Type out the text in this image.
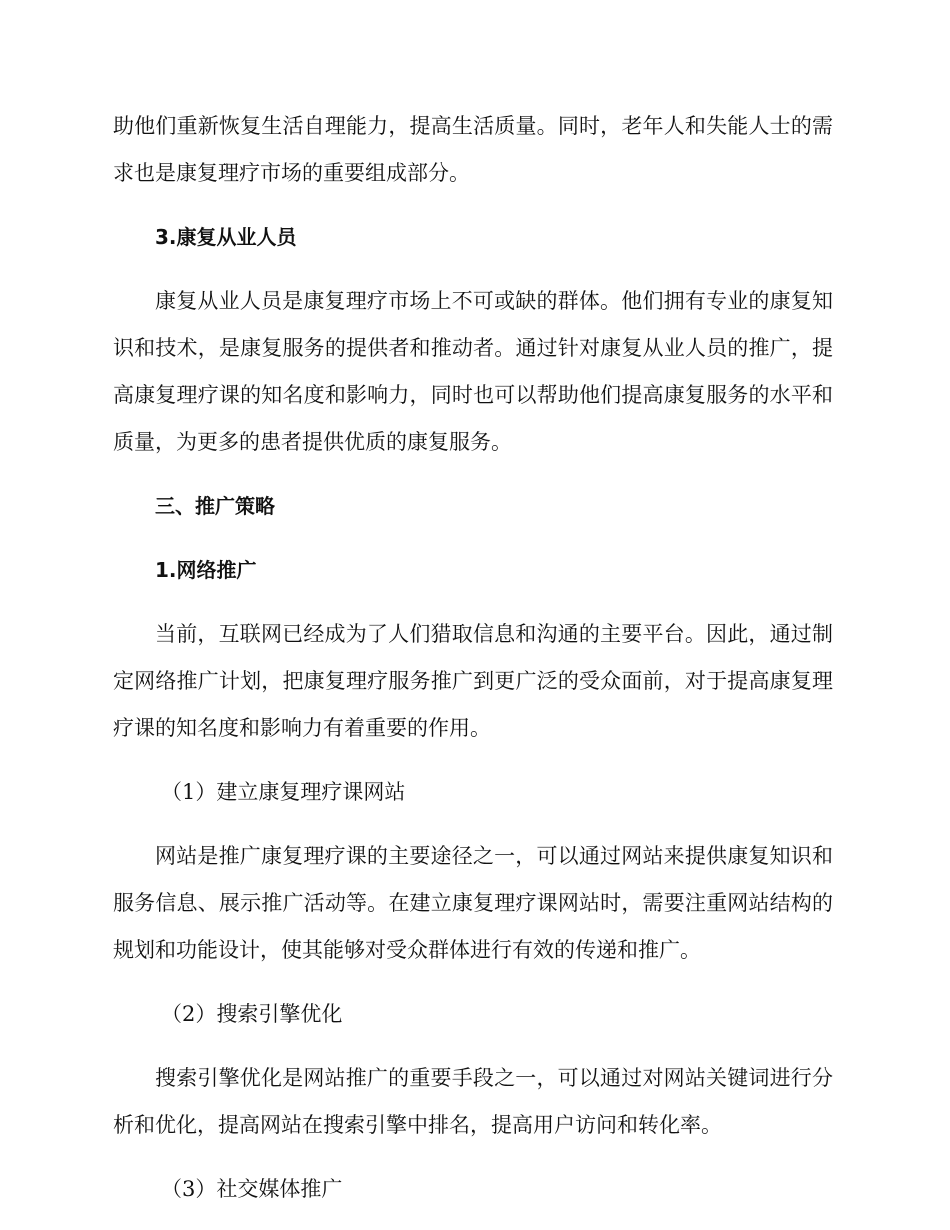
助他们重新恢复生活自理能力，提高生活质量。同时，老年人和失能人士的需求也是康复理疗市场的重要组成部分。

3.康复从业人员

康复从业人员是康复理疗市场上不可或缺的群体。他们拥有专业的康复知识和技术，是康复服务的提供者和推动者。通过针对康复从业人员的推广，提高康复理疗课的知名度和影响力，同时也可以帮助他们提高康复服务的水平和质量，为更多的患者提供优质的康复服务。

三、推广策略

1.网络推广

当前，互联网已经成为了人们猎取信息和沟通的主要平台。因此，通过制定网络推广计划，把康复理疗服务推广到更广泛的受众面前，对于提高康复理疗课的知名度和影响力有着重要的作用。

（1）建立康复理疗课网站

网站是推广康复理疗课的主要途径之一，可以通过网站来提供康复知识和服务信息、展示推广活动等。在建立康复理疗课网站时，需要注重网站结构的规划和功能设计，使其能够对受众群体进行有效的传递和推广。

（2）搜索引擎优化

搜索引擎优化是网站推广的重要手段之一，可以通过对网站关键词进行分析和优化，提高网站在搜索引擎中排名，提高用户访问和转化率。

（3）社交媒体推广
